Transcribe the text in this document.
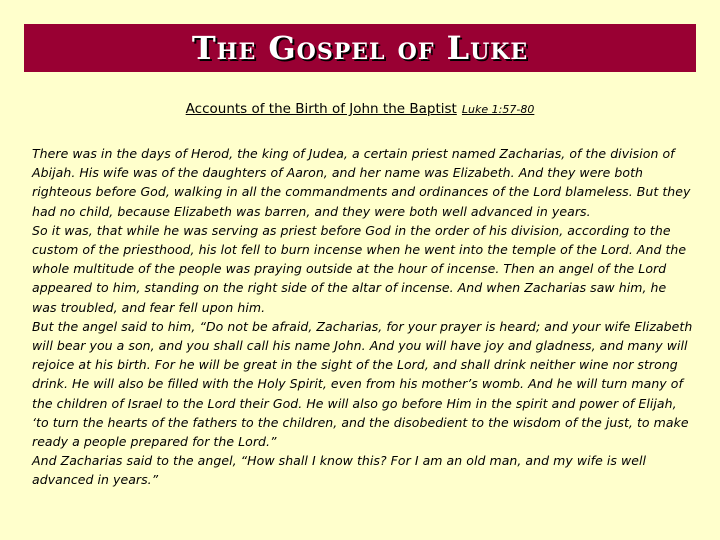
The Gospel of Luke
Accounts of the Birth of John the Baptist Luke 1:57-80

There was in the days of Herod, the king of Judea, a certain priest named Zacharias, of the division of Abijah. His wife was of the daughters of Aaron, and her name was Elizabeth. And they were both righteous before God, walking in all the commandments and ordinances of the Lord blameless. But they had no child, because Elizabeth was barren, and they were both well advanced in years.

So it was, that while he was serving as priest before God in the order of his division, according to the custom of the priesthood, his lot fell to burn incense when he went into the temple of the Lord. And the whole multitude of the people was praying outside at the hour of incense. Then an angel of the Lord appeared to him, standing on the right side of the altar of incense. And when Zacharias saw him, he was troubled, and fear fell upon him.

But the angel said to him, “Do not be afraid, Zacharias, for your prayer is heard; and your wife Elizabeth will bear you a son, and you shall call his name John. And you will have joy and gladness, and many will rejoice at his birth. For he will be great in the sight of the Lord, and shall drink neither wine nor strong drink. He will also be filled with the Holy Spirit, even from his mother’s womb. And he will turn many of the children of Israel to the Lord their God. He will also go before Him in the spirit and power of Elijah, ‘to turn the hearts of the fathers to the children, and the disobedient to the wisdom of the just, to make ready a people prepared for the Lord.”

And Zacharias said to the angel, “How shall I know this? For I am an old man, and my wife is well advanced in years.”
